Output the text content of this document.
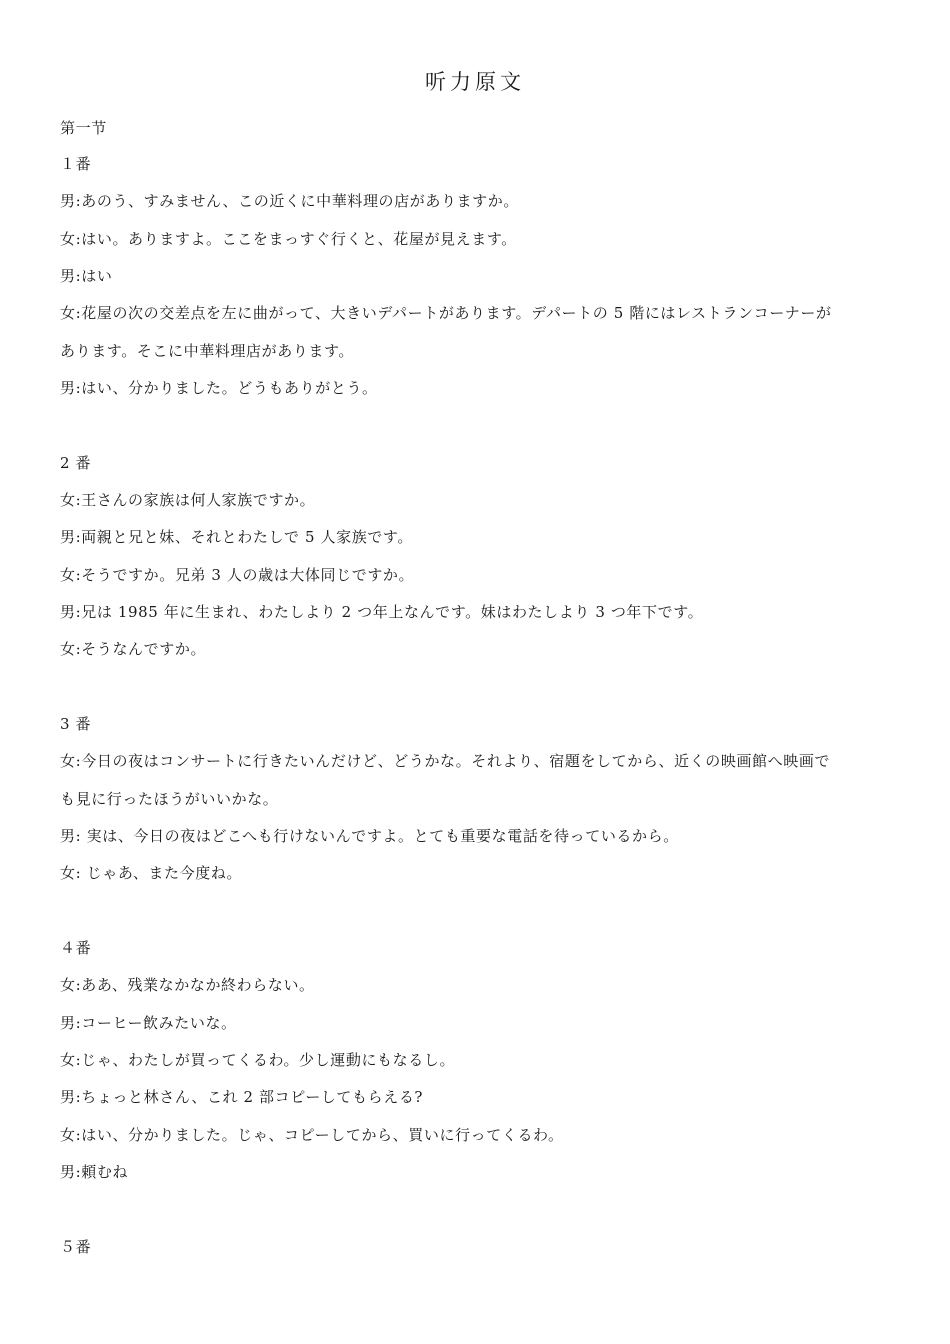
听力原文
第一节
１番
男:あのう、すみません、この近くに中華料理の店がありますか。
女:はい。ありますよ。ここをまっすぐ行くと、花屋が見えます。
男:はい
女:花屋の次の交差点を左に曲がって、大きいデパートがあります。デパートの 5 階にはレストランコーナーが
あります。そこに中華料理店があります。
男:はい、分かりました。どうもありがとう。
2 番
女:王さんの家族は何人家族ですか。
男:両親と兄と妹、それとわたしで 5 人家族です。
女:そうですか。兄弟 3 人の歳は大体同じですか。
男:兄は 1985 年に生まれ、わたしより 2 つ年上なんです。妹はわたしより 3 つ年下です。
女:そうなんですか。
3 番
女:今日の夜はコンサートに行きたいんだけど、どうかな。それより、宿題をしてから、近くの映画館へ映画で
も見に行ったほうがいいかな。
男: 実は、今日の夜はどこへも行けないんですよ。とても重要な電話を待っているから。
女: じゃあ、また今度ね。
４番
女:ああ、残業なかなか終わらない。
男:コーヒー飲みたいな。
女:じゃ、わたしが買ってくるわ。少し運動にもなるし。
男:ちょっと林さん、これ 2 部コピーしてもらえる?
女:はい、分かりました。じゃ、コピーしてから、買いに行ってくるわ。
男:頼むね
５番
